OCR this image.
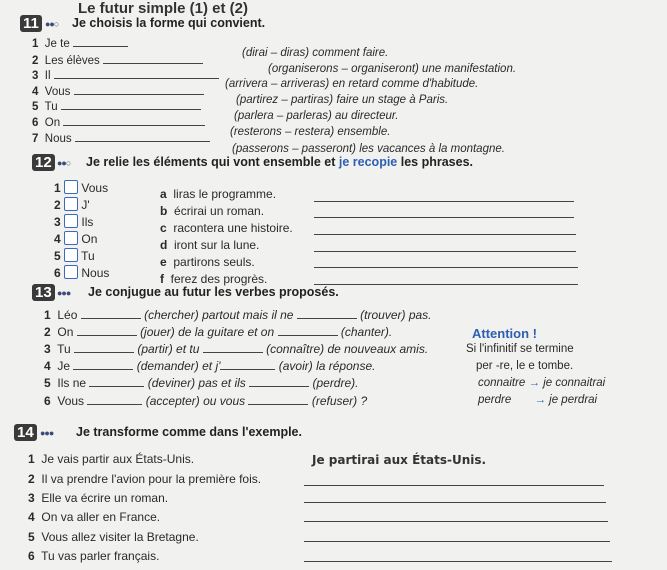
Le futur simple (1) et (2)
11 ●●○ Je choisis la forme qui convient.
1 Je te
(dirai – diras) comment faire.
2 Les élèves
(organiserons – organiseront) une manifestation.
3 Il
(arrivera – arriveras) en retard comme d'habitude.
4 Vous
(partirez – partiras) faire un stage à Paris.
5 Tu
(parlera – parleras) au directeur.
6 On
(resterons – restera) ensemble.
7 Nous
(passerons – passeront) les vacances à la montagne.
12 ●●○ Je relie les éléments qui vont ensemble et je recopie les phrases.
1 Vous
2 J'
3 Ils
4 On
5 Tu
6 Nous
a liras le programme.
b écrirai un roman.
c racontera une histoire.
d iront sur la lune.
e partirons seuls.
f ferez des progrès.
13 ●●● Je conjugue au futur les verbes proposés.
1 Léo	(chercher) partout mais il ne	(trouver) pas.
2 On	(jouer) de la guitare et on	(chanter).
3 Tu	(partir) et tu	(connaître) de nouveaux amis.
4 Je	(demander) et j'	(avoir) la réponse.
5 Ils ne	(deviner) pas et ils	(perdre).
6 Vous	(accepter) ou vous	(refuser) ?
Attention !
Si l'infinitif se termine
per -re, le e tombe.
connaitre → je connaitrai
perdre → je perdrai
14 ●●● Je transforme comme dans l'exemple.
1 Je vais partir aux États-Unis.	Je partirai aux États-Unis.
2 Il va prendre l'avion pour la première fois.
3 Elle va écrire un roman.
4 On va aller en France.
5 Vous allez visiter la Bretagne.
6 Tu vas parler français.
